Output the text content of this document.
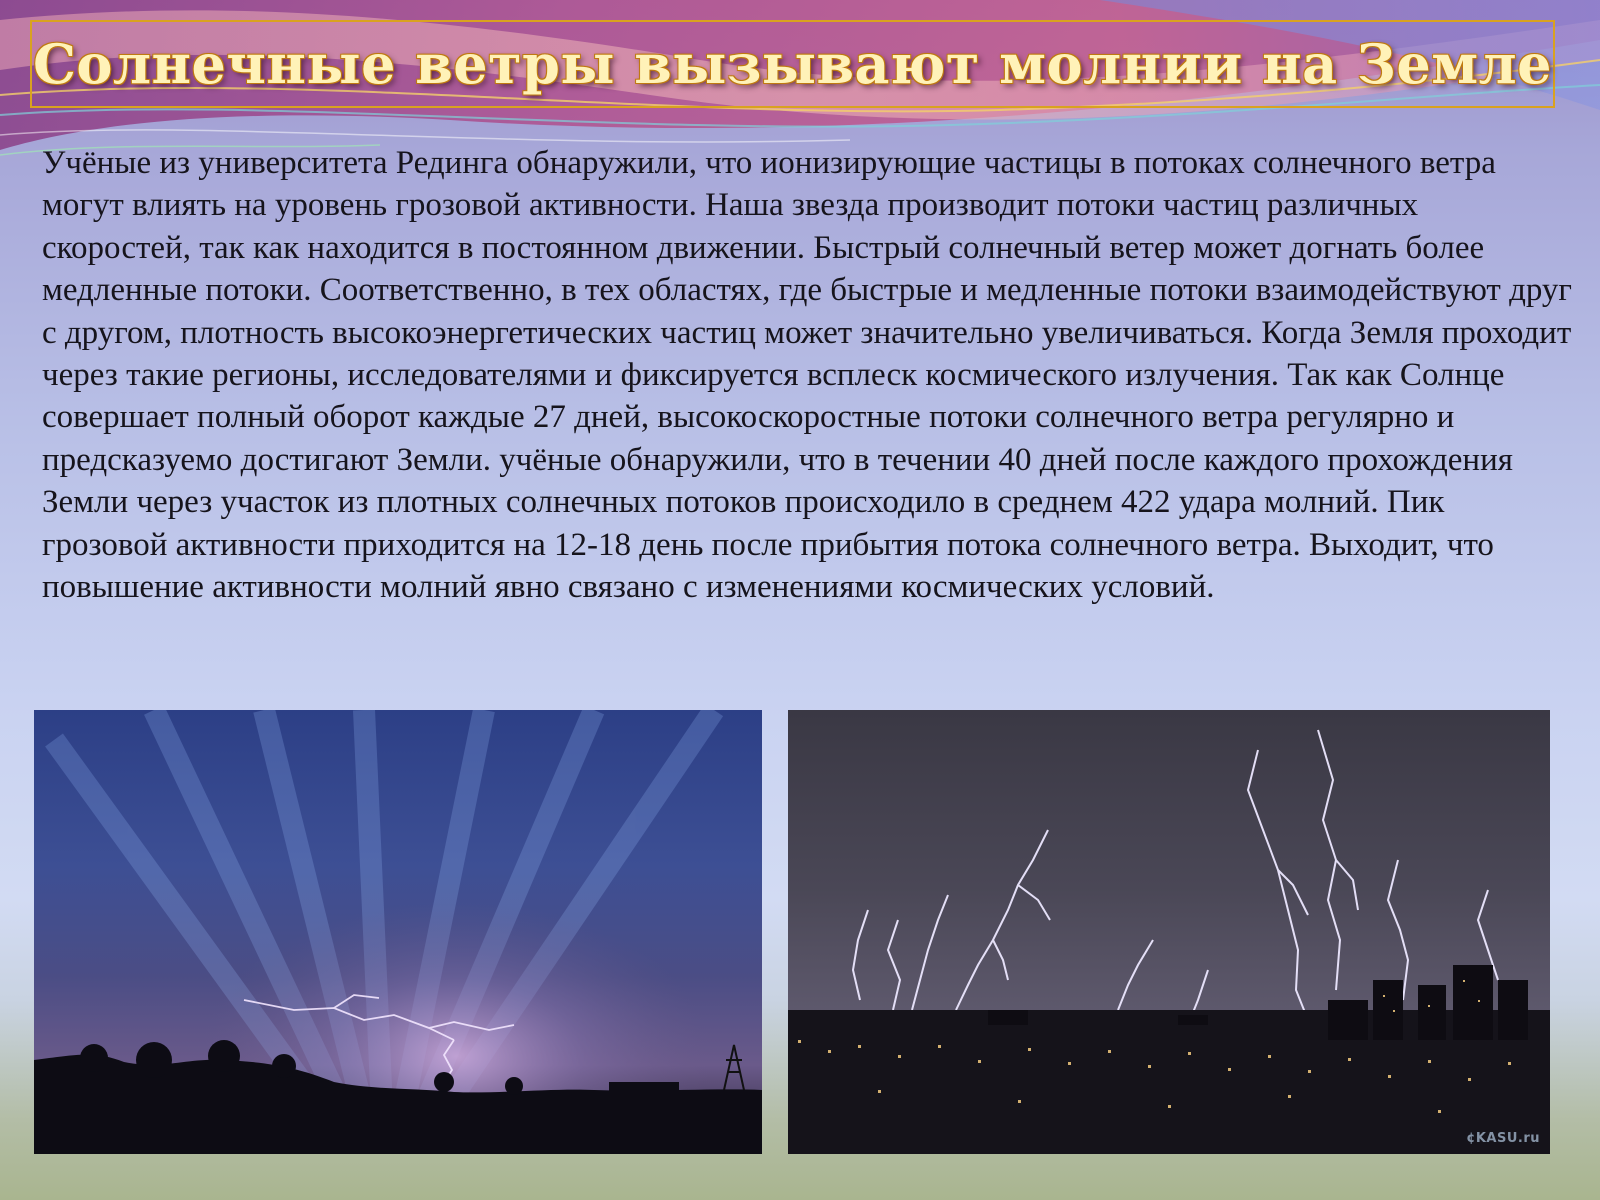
Солнечные ветры вызывают молнии на Земле

Учёные из университета Рединга обнаружили, что ионизирующие частицы в потоках солнечного ветра могут влиять на уровень грозовой активности. Наша звезда производит потоки частиц различных скоростей, так как находится в постоянном движении. Быстрый солнечный ветер может догнать более медленные потоки. Соответственно, в тех областях, где быстрые и медленные потоки взаимодействуют друг с другом, плотность высокоэнергетических частиц может значительно увеличиваться. Когда Земля проходит через такие регионы, исследователями и фиксируется всплеск космического излучения. Так как Солнце совершает полный оборот каждые 27 дней, высокоскоростные потоки солнечного ветра регулярно и предсказуемо достигают Земли. учёные обнаружили, что в течении 40 дней после каждого прохождения Земли через участок из плотных солнечных потоков происходило в среднем 422 удара молний. Пик грозовой активности приходится на 12-18 день после прибытия потока солнечного ветра. Выходит, что повышение активности молний явно связано с изменениями космических условий.

¢KASU.ru
